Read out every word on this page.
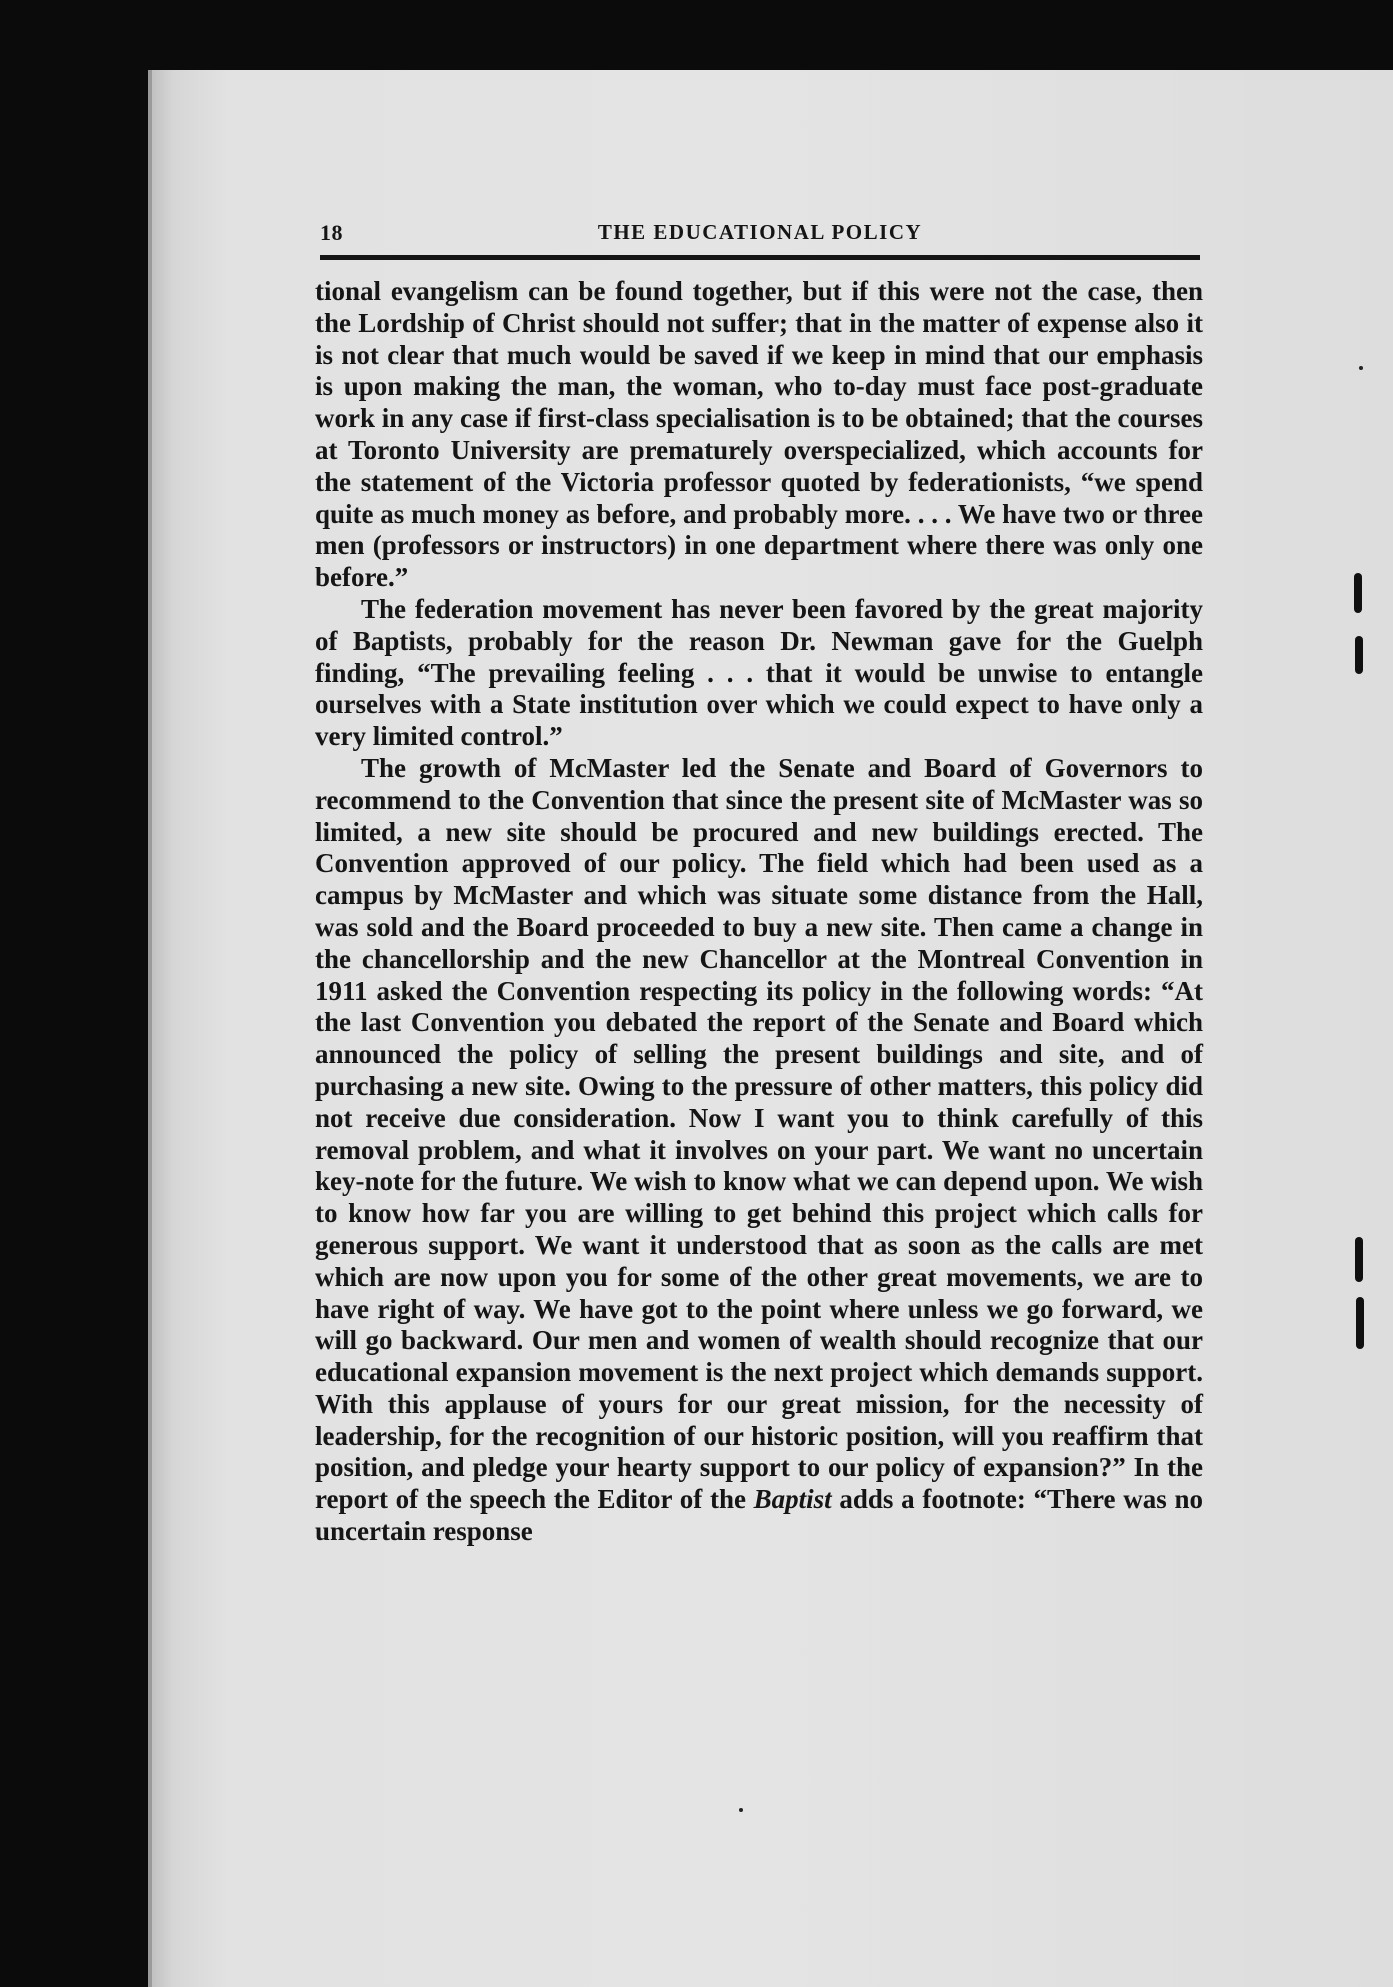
18	THE EDUCATIONAL POLICY

tional evangelism can be found together, but if this were not the case, then the Lordship of Christ should not suffer; that in the matter of expense also it is not clear that much would be saved if we keep in mind that our emphasis is upon making the man, the woman, who to-day must face post-graduate work in any case if first-class specialisation is to be obtained; that the courses at Toronto University are prematurely overspecialized, which accounts for the statement of the Victoria professor quoted by federationists, “we spend quite as much money as before, and probably more. . . . We have two or three men (professors or instructors) in one department where there was only one before.”

The federation movement has never been favored by the great majority of Baptists, probably for the reason Dr. Newman gave for the Guelph finding, “The prevailing feeling . . . that it would be unwise to entangle ourselves with a State institution over which we could expect to have only a very limited control.”

The growth of McMaster led the Senate and Board of Governors to recommend to the Convention that since the present site of McMaster was so limited, a new site should be procured and new buildings erected. The Convention approved of our policy. The field which had been used as a campus by McMaster and which was situate some distance from the Hall, was sold and the Board proceeded to buy a new site. Then came a change in the chancellorship and the new Chancellor at the Montreal Convention in 1911 asked the Convention respecting its policy in the following words: “At the last Convention you debated the report of the Senate and Board which announced the policy of selling the present buildings and site, and of purchasing a new site. Owing to the pressure of other matters, this policy did not receive due consideration. Now I want you to think carefully of this removal problem, and what it involves on your part. We want no uncertain key-note for the future. We wish to know what we can depend upon. We wish to know how far you are willing to get behind this project which calls for generous support. We want it understood that as soon as the calls are met which are now upon you for some of the other great movements, we are to have right of way. We have got to the point where unless we go forward, we will go backward. Our men and women of wealth should recognize that our educational expansion movement is the next project which demands support. With this applause of yours for our great mission, for the necessity of leadership, for the recognition of our historic position, will you reaffirm that position, and pledge your hearty support to our policy of expansion?” In the report of the speech the Editor of the Baptist adds a footnote: “There was no uncertain response
